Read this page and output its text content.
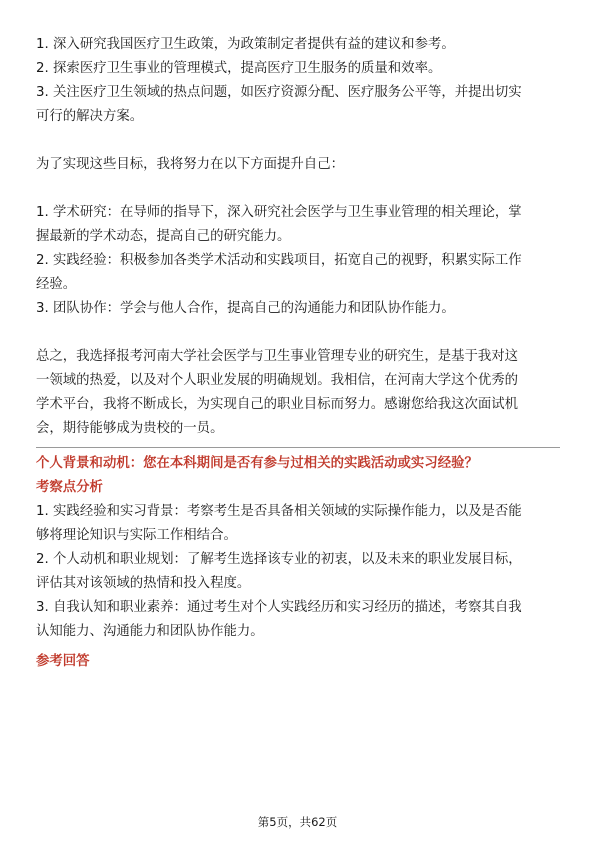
1. 深入研究我国医疗卫生政策，为政策制定者提供有益的建议和参考。
2. 探索医疗卫生事业的管理模式，提高医疗卫生服务的质量和效率。
3. 关注医疗卫生领域的热点问题，如医疗资源分配、医疗服务公平等，并提出切实
可行的解决方案。
为了实现这些目标，我将努力在以下方面提升自己：
1. 学术研究：在导师的指导下，深入研究社会医学与卫生事业管理的相关理论，掌
握最新的学术动态，提高自己的研究能力。
2. 实践经验：积极参加各类学术活动和实践项目，拓宽自己的视野，积累实际工作
经验。
3. 团队协作：学会与他人合作，提高自己的沟通能力和团队协作能力。
总之，我选择报考河南大学社会医学与卫生事业管理专业的研究生，是基于我对这
一领域的热爱，以及对个人职业发展的明确规划。我相信，在河南大学这个优秀的
学术平台，我将不断成长，为实现自己的职业目标而努力。感谢您给我这次面试机
会，期待能够成为贵校的一员。
个人背景和动机：您在本科期间是否有参与过相关的实践活动或实习经验？
考察点分析
1. 实践经验和实习背景：考察考生是否具备相关领域的实际操作能力，以及是否能
够将理论知识与实际工作相结合。
2. 个人动机和职业规划：了解考生选择该专业的初衷，以及未来的职业发展目标，
评估其对该领域的热情和投入程度。
3. 自我认知和职业素养：通过考生对个人实践经历和实习经历的描述，考察其自我
认知能力、沟通能力和团队协作能力。
参考回答
第5页，共62页
